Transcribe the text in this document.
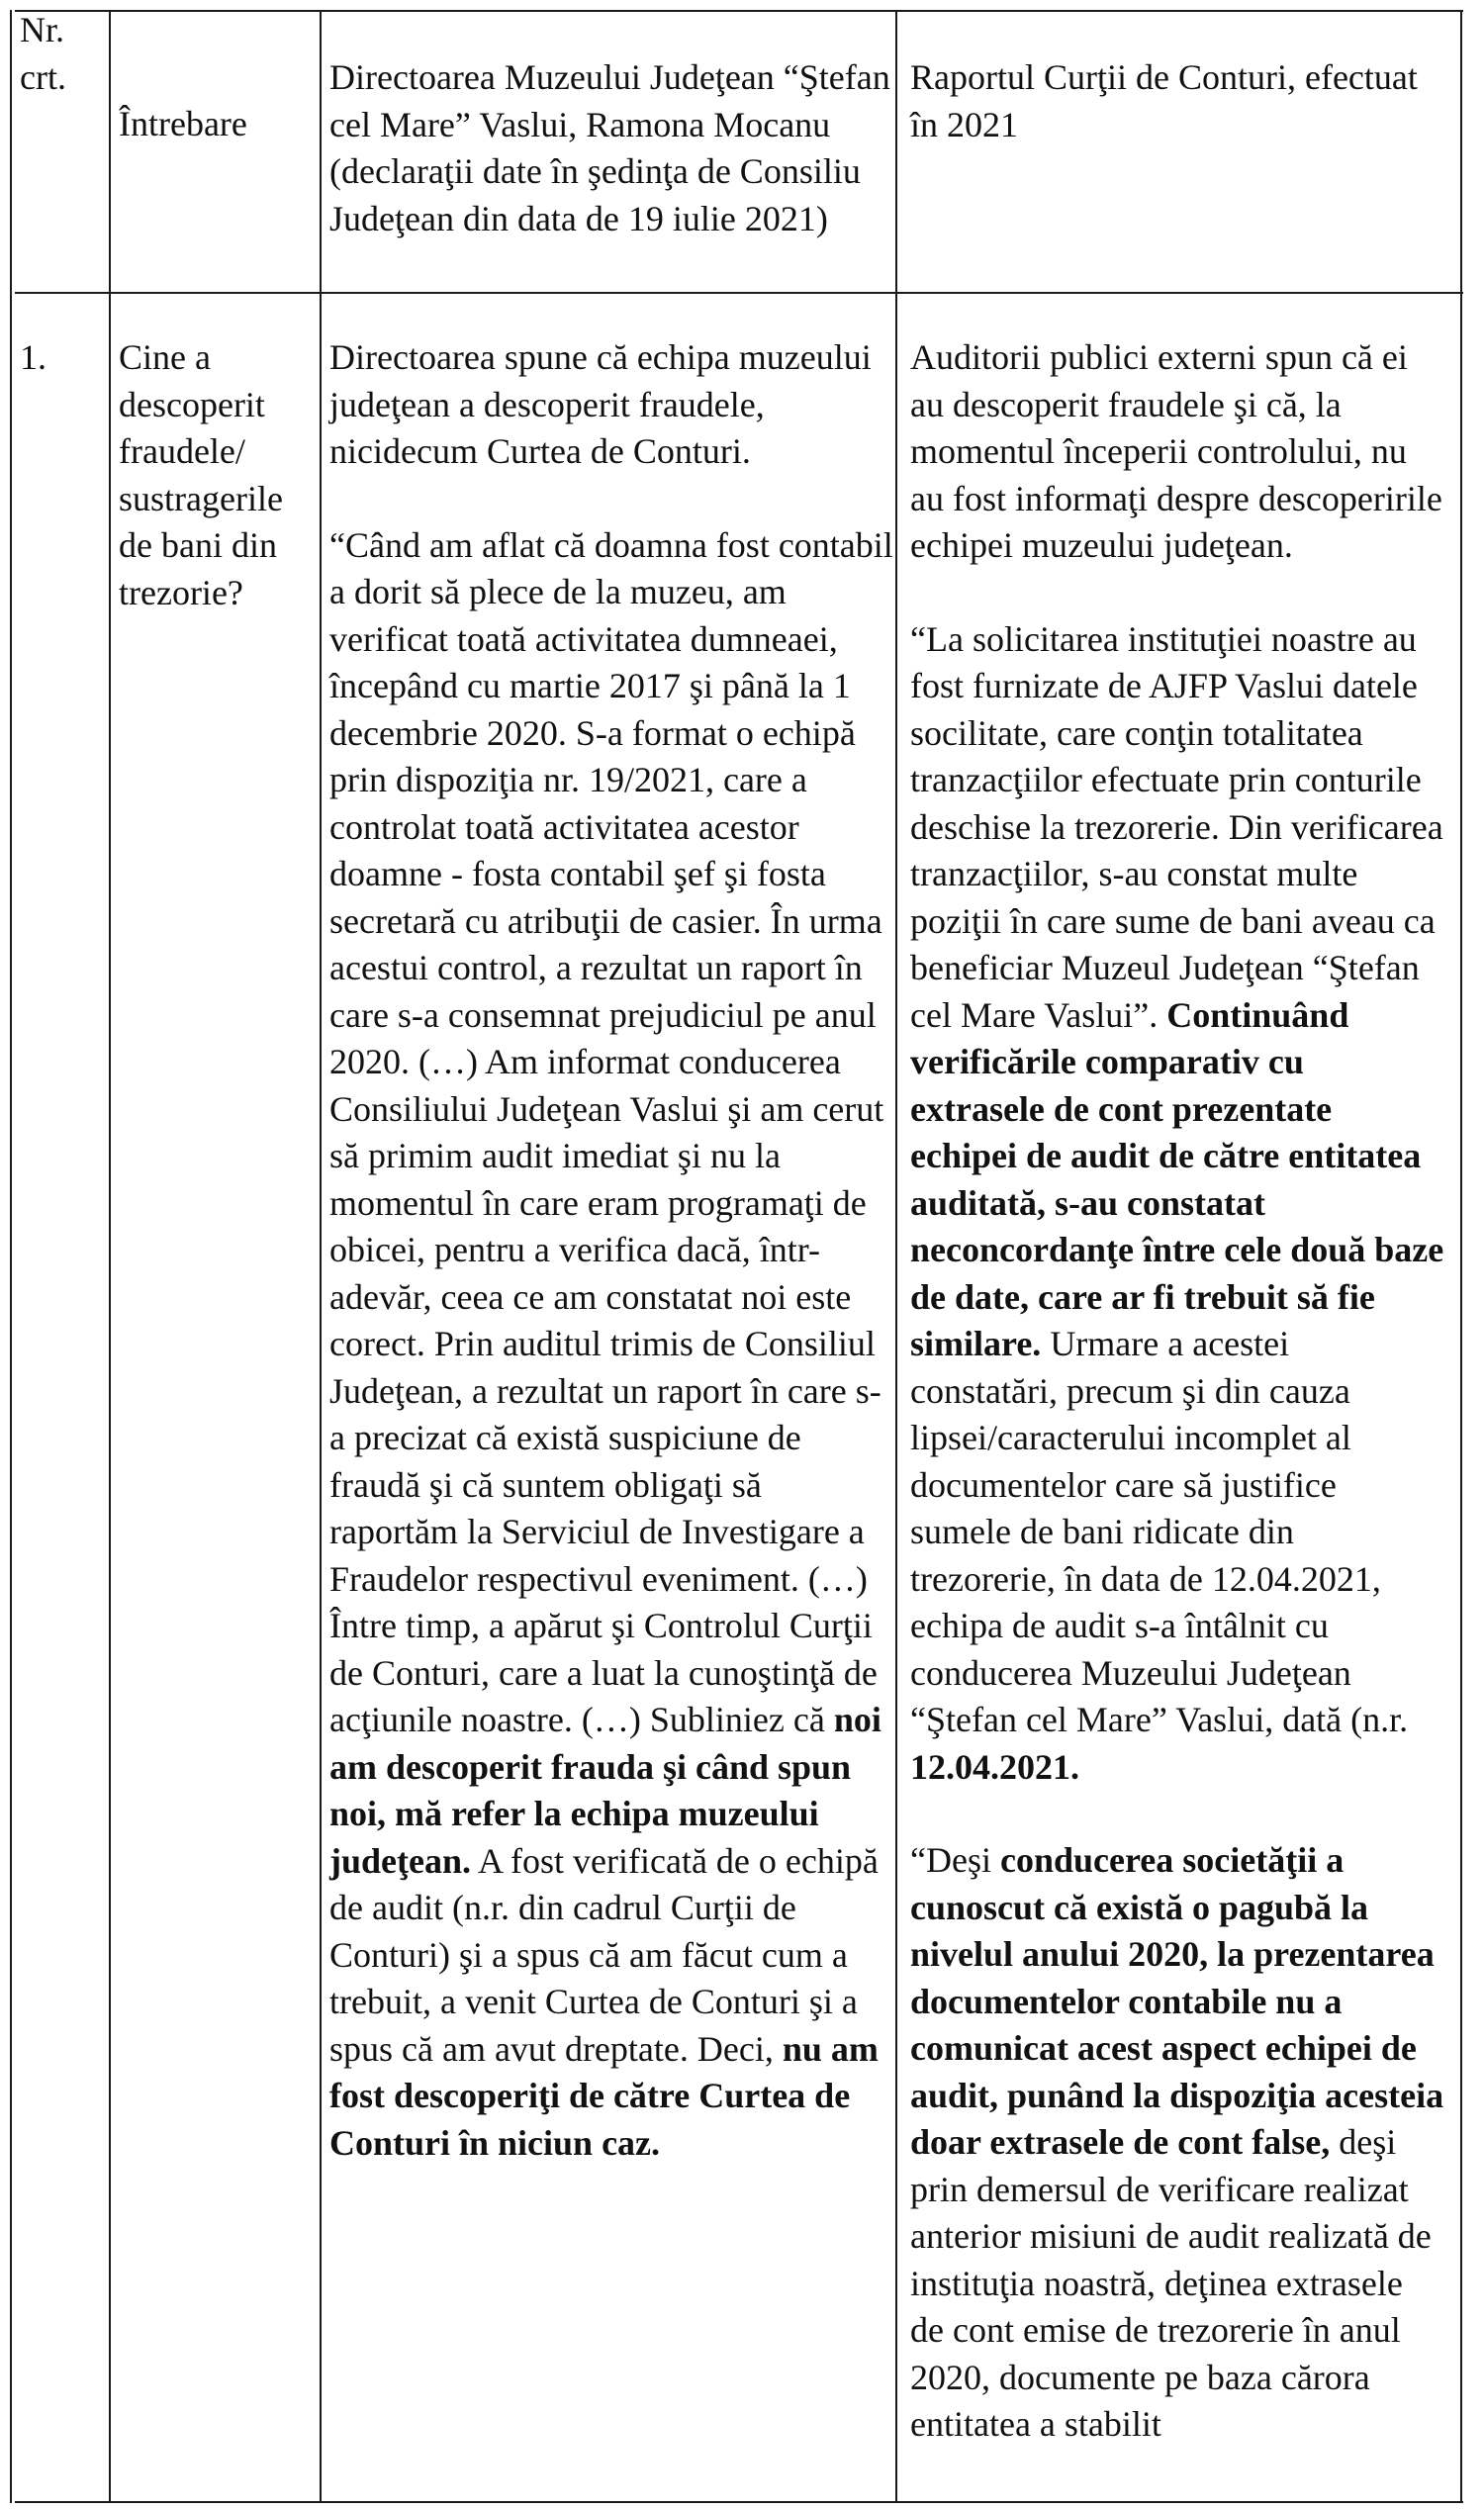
Nr.

crt.

Întrebare

Directoarea Muzeului Judeţean “Ştefan cel Mare” Vaslui, Ramona Mocanu (declaraţii date în şedinţa de Consiliu Judeţean din data de 19 iulie 2021)

Raportul Curţii de Conturi, efectuat în 2021

1.	Cine a descoperit fraudele/ sustragerile de bani din trezorie?

Directoarea spune că echipa muzeului judeţean a descoperit fraudele, nicidecum Curtea de Conturi.

“Când am aflat că doamna fost contabil a dorit să plece de la muzeu, am verificat toată activitatea dumneaei, începând cu martie 2017 şi până la 1 decembrie 2020. S-a format o echipă prin dispoziţia nr. 19/2021, care a controlat toată activitatea acestor doamne - fosta contabil şef şi fosta secretară cu atribuţii de casier. În urma acestui control, a rezultat un raport în care s-a consemnat prejudiciul pe anul 2020. (…) Am informat conducerea Consiliului Judeţean Vaslui şi am cerut să primim audit imediat şi nu la momentul în care eram programaţi de obicei, pentru a verifica dacă, într-adevăr, ceea ce am constatat noi este corect. Prin auditul trimis de Consiliul Judeţean, a rezultat un raport în care s-a precizat că există suspiciune de fraudă şi că suntem obligaţi să raportăm la Serviciul de Investigare a Fraudelor respectivul eveniment. (…) Între timp, a apărut şi Controlul Curţii de Conturi, care a luat la cunoştinţă de acţiunile noastre. (…) Subliniez că noi am descoperit frauda şi când spun noi, mă refer la echipa muzeului judeţean. A fost verificată de o echipă de audit (n.r. din cadrul Curţii de Conturi) şi a spus că am făcut cum a trebuit, a venit Curtea de Conturi şi a spus că am avut dreptate. Deci, nu am fost descoperiţi de către Curtea de Conturi în niciun caz.

Auditorii publici externi spun că ei au descoperit fraudele şi că, la momentul începerii controlului, nu au fost informaţi despre descoperirile echipei muzeului judeţean.

“La solicitarea instituţiei noastre au fost furnizate de AJFP Vaslui datele socilitate, care conţin totalitatea tranzacţiilor efectuate prin conturile deschise la trezorerie. Din verificarea tranzacţiilor, s-au constat multe poziţii în care sume de bani aveau ca beneficiar Muzeul Judeţean “Ştefan cel Mare Vaslui”. Continuând verificările comparativ cu extrasele de cont prezentate echipei de audit de către entitatea auditată, s-au constatat neconcordanţe între cele două baze de date, care ar fi trebuit să fie similare. Urmare a acestei constatări, precum şi din cauza lipsei/caracterului incomplet al documentelor care să justifice sumele de bani ridicate din trezorerie, în data de 12.04.2021, echipa de audit s-a întâlnit cu conducerea Muzeului Judeţean “Ştefan cel Mare” Vaslui, dată (n.r. 12.04.2021.

“Deşi conducerea societăţii a cunoscut că există o pagubă la nivelul anului 2020, la prezentarea documentelor contabile nu a comunicat acest aspect echipei de audit, punând la dispoziţia acesteia doar extrasele de cont false, deşi prin demersul de verificare realizat anterior misiuni de audit realizată de instituţia noastră, deţinea extrasele de cont emise de trezorerie în anul 2020, documente pe baza cărora entitatea a stabilit
